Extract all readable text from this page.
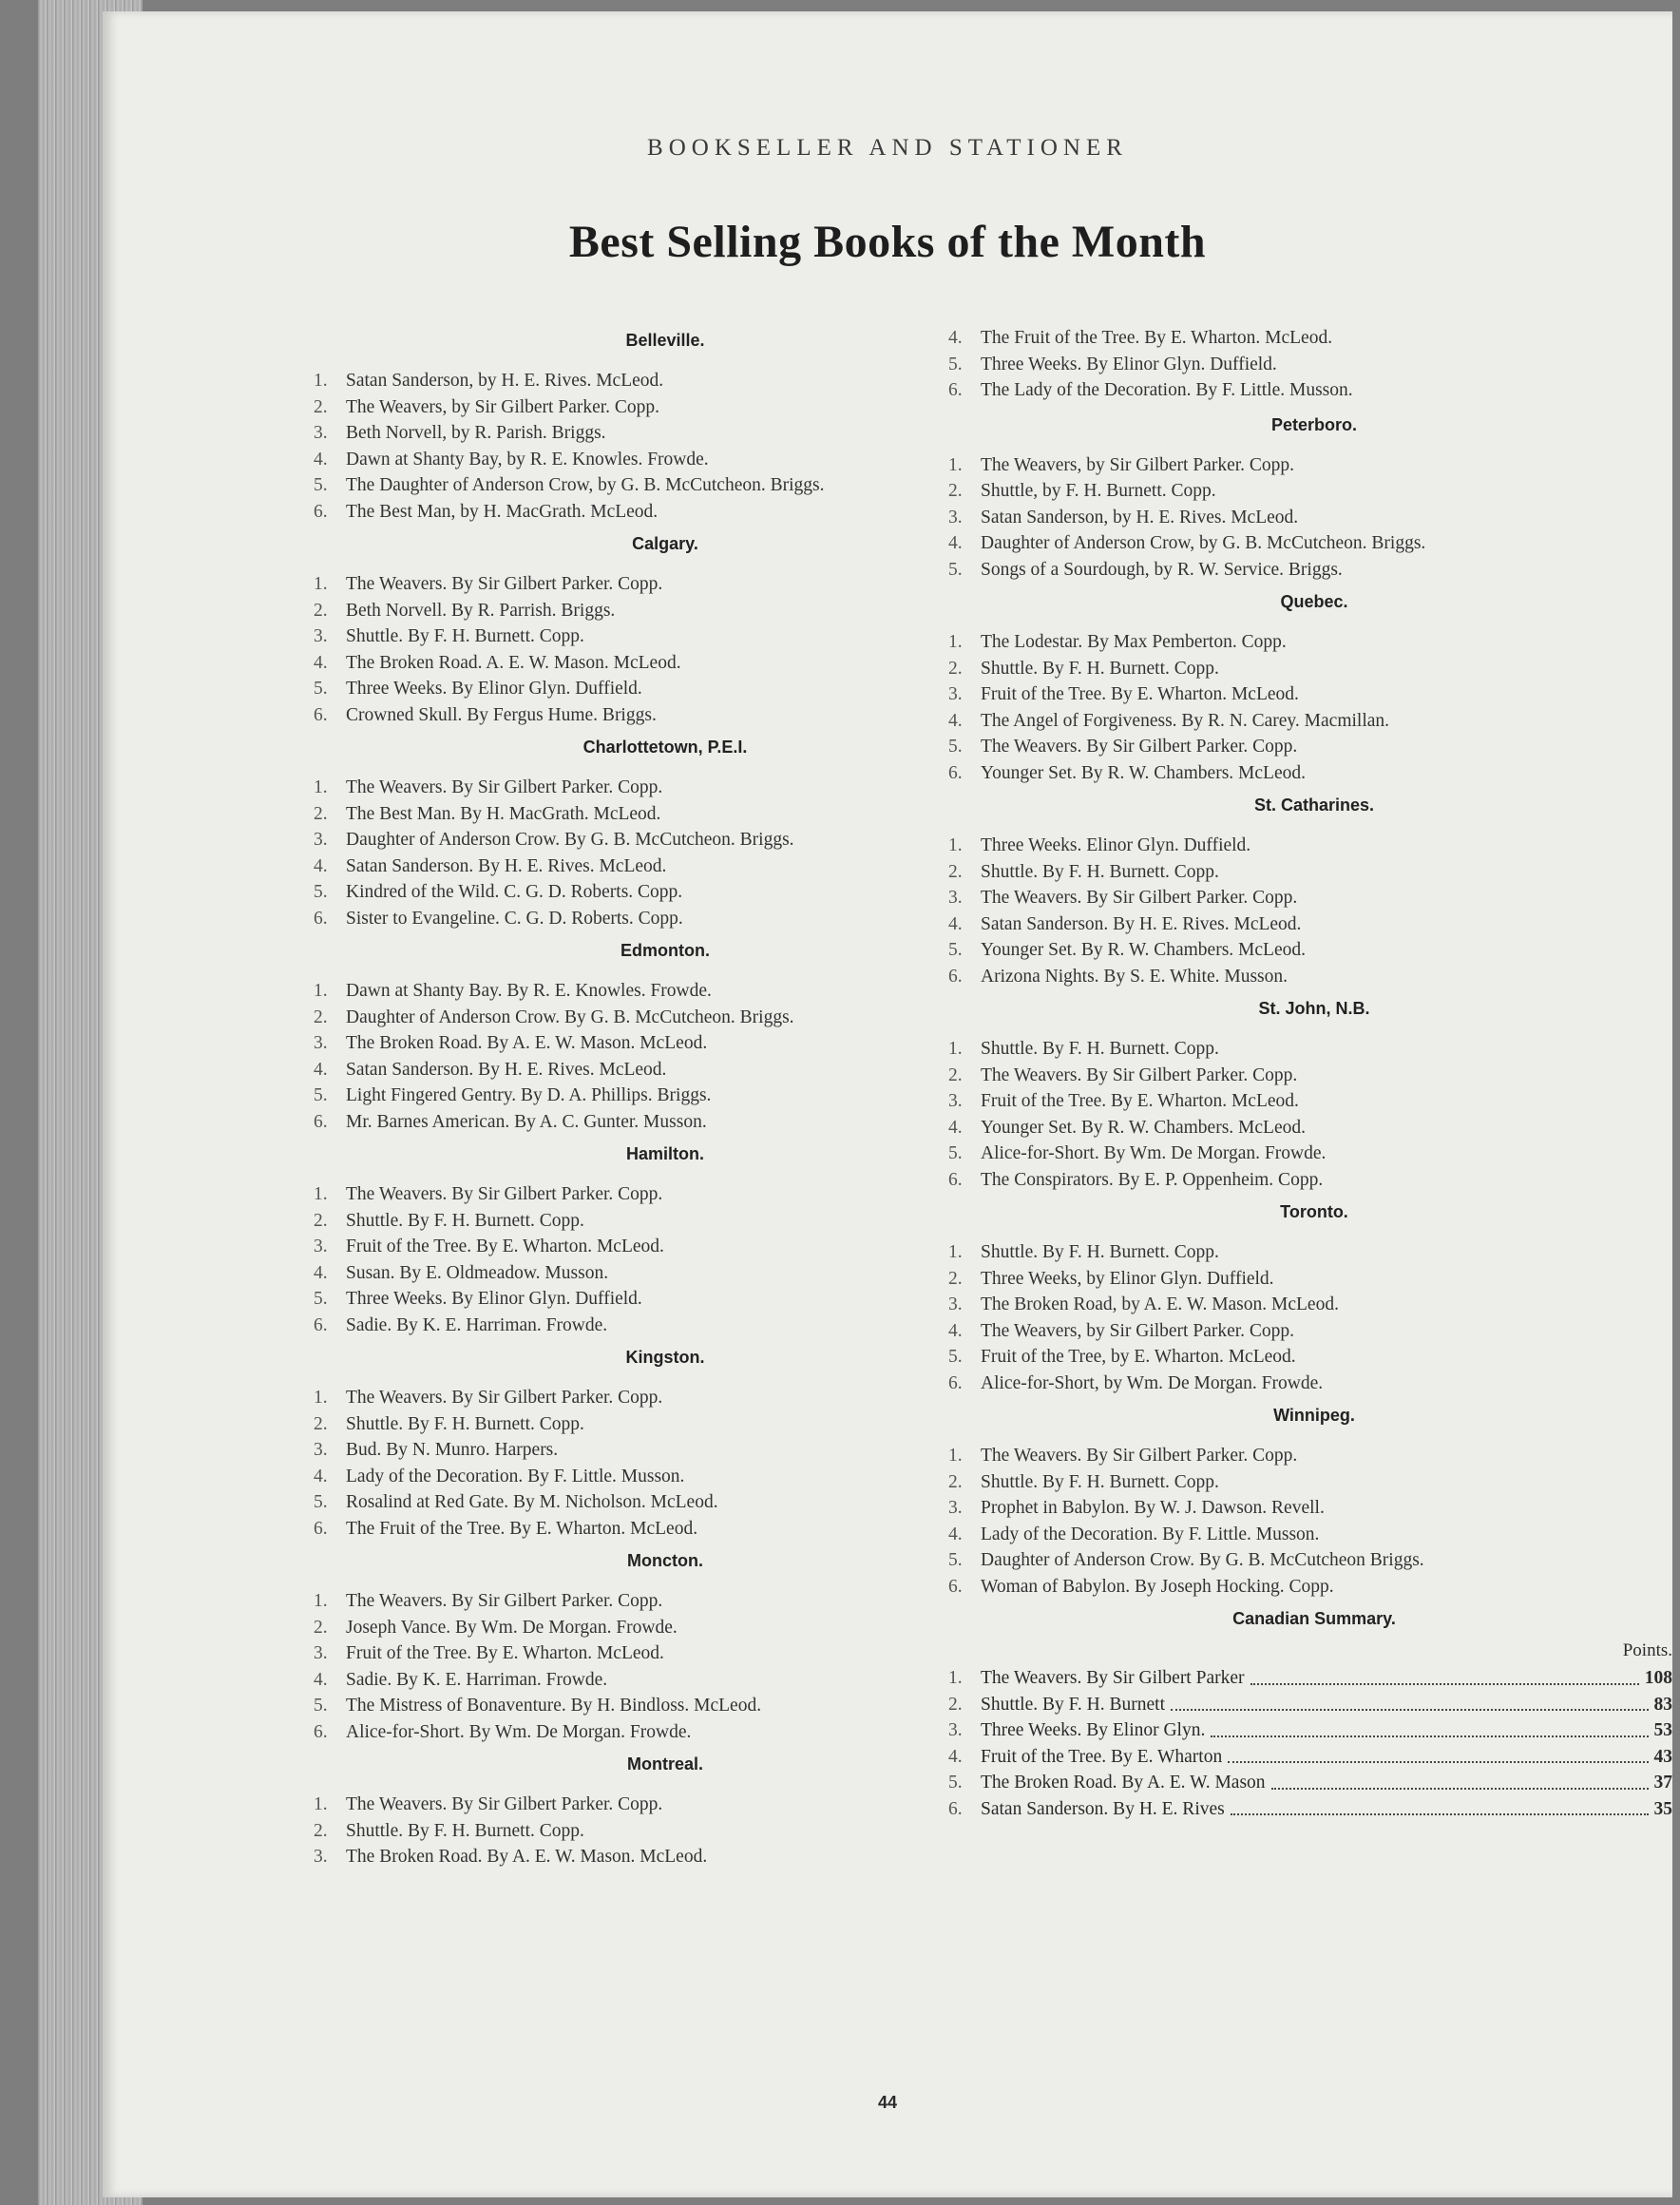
BOOKSELLER AND STATIONER
Best Selling Books of the Month
Belleville.
1. Satan Sanderson, by H. E. Rives. McLeod.
2. The Weavers, by Sir Gilbert Parker. Copp.
3. Beth Norvell, by R. Parish. Briggs.
4. Dawn at Shanty Bay, by R. E. Knowles. Frowde.
5. The Daughter of Anderson Crow, by G. B. McCutcheon. Briggs.
6. The Best Man, by H. MacGrath. McLeod.
Calgary.
1. The Weavers. By Sir Gilbert Parker. Copp.
2. Beth Norvell. By R. Parrish. Briggs.
3. Shuttle. By F. H. Burnett. Copp.
4. The Broken Road. A. E. W. Mason. McLeod.
5. Three Weeks. By Elinor Glyn. Duffield.
6. Crowned Skull. By Fergus Hume. Briggs.
Charlottetown, P.E.I.
1. The Weavers. By Sir Gilbert Parker. Copp.
2. The Best Man. By H. MacGrath. McLeod.
3. Daughter of Anderson Crow. By G. B. McCutcheon. Briggs.
4. Satan Sanderson. By H. E. Rives. McLeod.
5. Kindred of the Wild. C. G. D. Roberts. Copp.
6. Sister to Evangeline. C. G. D. Roberts. Copp.
Edmonton.
1. Dawn at Shanty Bay. By R. E. Knowles. Frowde.
2. Daughter of Anderson Crow. By G. B. McCutcheon. Briggs.
3. The Broken Road. By A. E. W. Mason. McLeod.
4. Satan Sanderson. By H. E. Rives. McLeod.
5. Light Fingered Gentry. By D. A. Phillips. Briggs.
6. Mr. Barnes American. By A. C. Gunter. Musson.
Hamilton.
1. The Weavers. By Sir Gilbert Parker. Copp.
2. Shuttle. By F. H. Burnett. Copp.
3. Fruit of the Tree. By E. Wharton. McLeod.
4. Susan. By E. Oldmeadow. Musson.
5. Three Weeks. By Elinor Glyn. Duffield.
6. Sadie. By K. E. Harriman. Frowde.
Kingston.
1. The Weavers. By Sir Gilbert Parker. Copp.
2. Shuttle. By F. H. Burnett. Copp.
3. Bud. By N. Munro. Harpers.
4. Lady of the Decoration. By F. Little. Musson.
5. Rosalind at Red Gate. By M. Nicholson. McLeod.
6. The Fruit of the Tree. By E. Wharton. McLeod.
Moncton.
1. The Weavers. By Sir Gilbert Parker. Copp.
2. Joseph Vance. By Wm. De Morgan. Frowde.
3. Fruit of the Tree. By E. Wharton. McLeod.
4. Sadie. By K. E. Harriman. Frowde.
5. The Mistress of Bonaventure. By H. Bindloss. McLeod.
6. Alice-for-Short. By Wm. De Morgan. Frowde.
Montreal.
1. The Weavers. By Sir Gilbert Parker. Copp.
2. Shuttle. By F. H. Burnett. Copp.
3. The Broken Road. By A. E. W. Mason. McLeod.
4. The Fruit of the Tree. By E. Wharton. McLeod.
5. Three Weeks. By Elinor Glyn. Duffield.
6. The Lady of the Decoration. By F. Little. Musson.
Peterboro.
1. The Weavers, by Sir Gilbert Parker. Copp.
2. Shuttle, by F. H. Burnett. Copp.
3. Satan Sanderson, by H. E. Rives. McLeod.
4. Daughter of Anderson Crow, by G. B. McCutcheon. Briggs.
5. Songs of a Sourdough, by R. W. Service. Briggs.
Quebec.
1. The Lodestar. By Max Pemberton. Copp.
2. Shuttle. By F. H. Burnett. Copp.
3. Fruit of the Tree. By E. Wharton. McLeod.
4. The Angel of Forgiveness. By R. N. Carey. Macmillan.
5. The Weavers. By Sir Gilbert Parker. Copp.
6. Younger Set. By R. W. Chambers. McLeod.
St. Catharines.
1. Three Weeks. Elinor Glyn. Duffield.
2. Shuttle. By F. H. Burnett. Copp.
3. The Weavers. By Sir Gilbert Parker. Copp.
4. Satan Sanderson. By H. E. Rives. McLeod.
5. Younger Set. By R. W. Chambers. McLeod.
6. Arizona Nights. By S. E. White. Musson.
St. John, N.B.
1. Shuttle. By F. H. Burnett. Copp.
2. The Weavers. By Sir Gilbert Parker. Copp.
3. Fruit of the Tree. By E. Wharton. McLeod.
4. Younger Set. By R. W. Chambers. McLeod.
5. Alice-for-Short. By Wm. De Morgan. Frowde.
6. The Conspirators. By E. P. Oppenheim. Copp.
Toronto.
1. Shuttle. By F. H. Burnett. Copp.
2. Three Weeks, by Elinor Glyn. Duffield.
3. The Broken Road, by A. E. W. Mason. McLeod.
4. The Weavers, by Sir Gilbert Parker. Copp.
5. Fruit of the Tree, by E. Wharton. McLeod.
6. Alice-for-Short, by Wm. De Morgan. Frowde.
Winnipeg.
1. The Weavers. By Sir Gilbert Parker. Copp.
2. Shuttle. By F. H. Burnett. Copp.
3. Prophet in Babylon. By W. J. Dawson. Revell.
4. Lady of the Decoration. By F. Little. Musson.
5. Daughter of Anderson Crow. By G. B. McCutcheon Briggs.
6. Woman of Babylon. By Joseph Hocking. Copp.
Canadian Summary.
Points.
1. The Weavers. By Sir Gilbert Parker	108
2. Shuttle. By F. H. Burnett	83
3. Three Weeks. By Elinor Glyn.	53
4. Fruit of the Tree. By E. Wharton	43
5. The Broken Road. By A. E. W. Mason	37
6. Satan Sanderson. By H. E. Rives	35
44
